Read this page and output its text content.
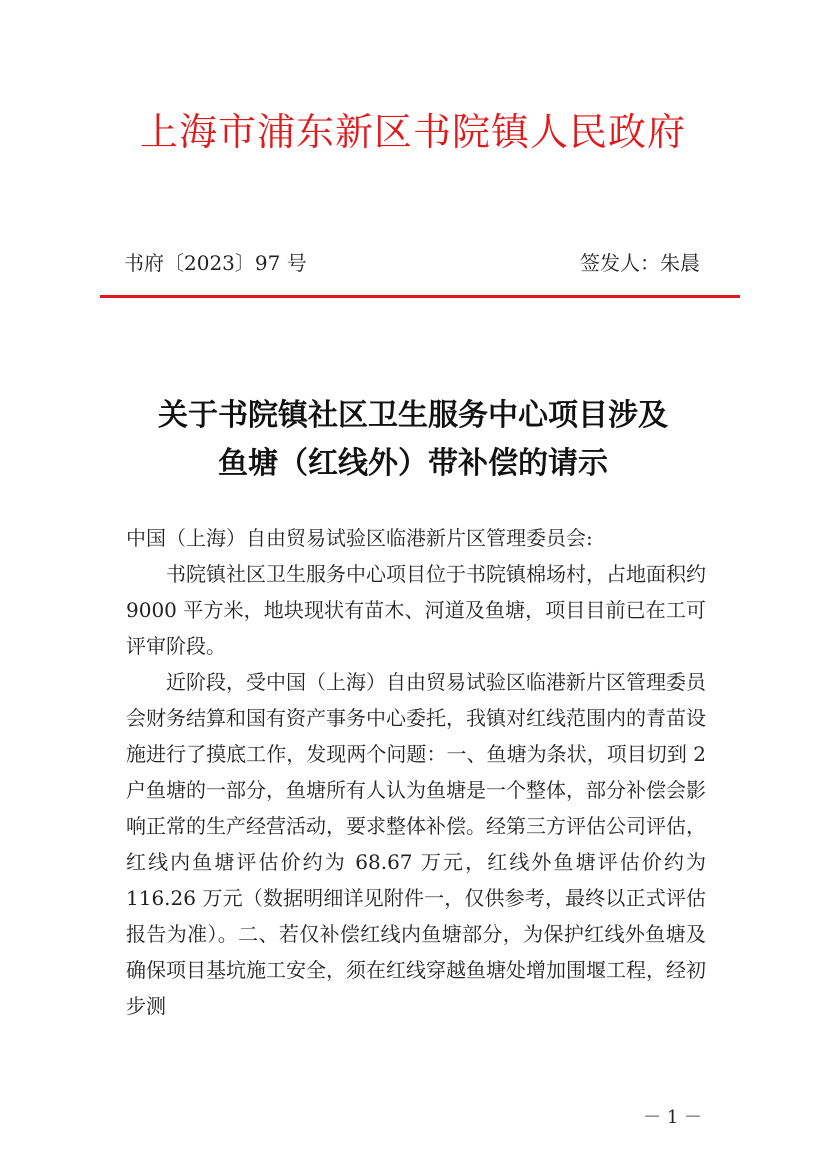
上海市浦东新区书院镇人民政府
书府〔2023〕97 号	签发人：朱晨
关于书院镇社区卫生服务中心项目涉及
鱼塘（红线外）带补偿的请示

中国（上海）自由贸易试验区临港新片区管理委员会:

书院镇社区卫生服务中心项目位于书院镇棉场村，占地面积约 9000 平方米，地块现状有苗木、河道及鱼塘，项目目前已在工可评审阶段。

近阶段，受中国（上海）自由贸易试验区临港新片区管理委员会财务结算和国有资产事务中心委托，我镇对红线范围内的青苗设施进行了摸底工作，发现两个问题：一、鱼塘为条状，项目切到 2 户鱼塘的一部分，鱼塘所有人认为鱼塘是一个整体，部分补偿会影响正常的生产经营活动，要求整体补偿。经第三方评估公司评估，红线内鱼塘评估价约为 68.67 万元，红线外鱼塘评估价约为 116.26 万元（数据明细详见附件一，仅供参考，最终以正式评估报告为准）。二、若仅补偿红线内鱼塘部分，为保护红线外鱼塘及确保项目基坑施工安全，须在红线穿越鱼塘处增加围堰工程，经初步测

－ 1 －
